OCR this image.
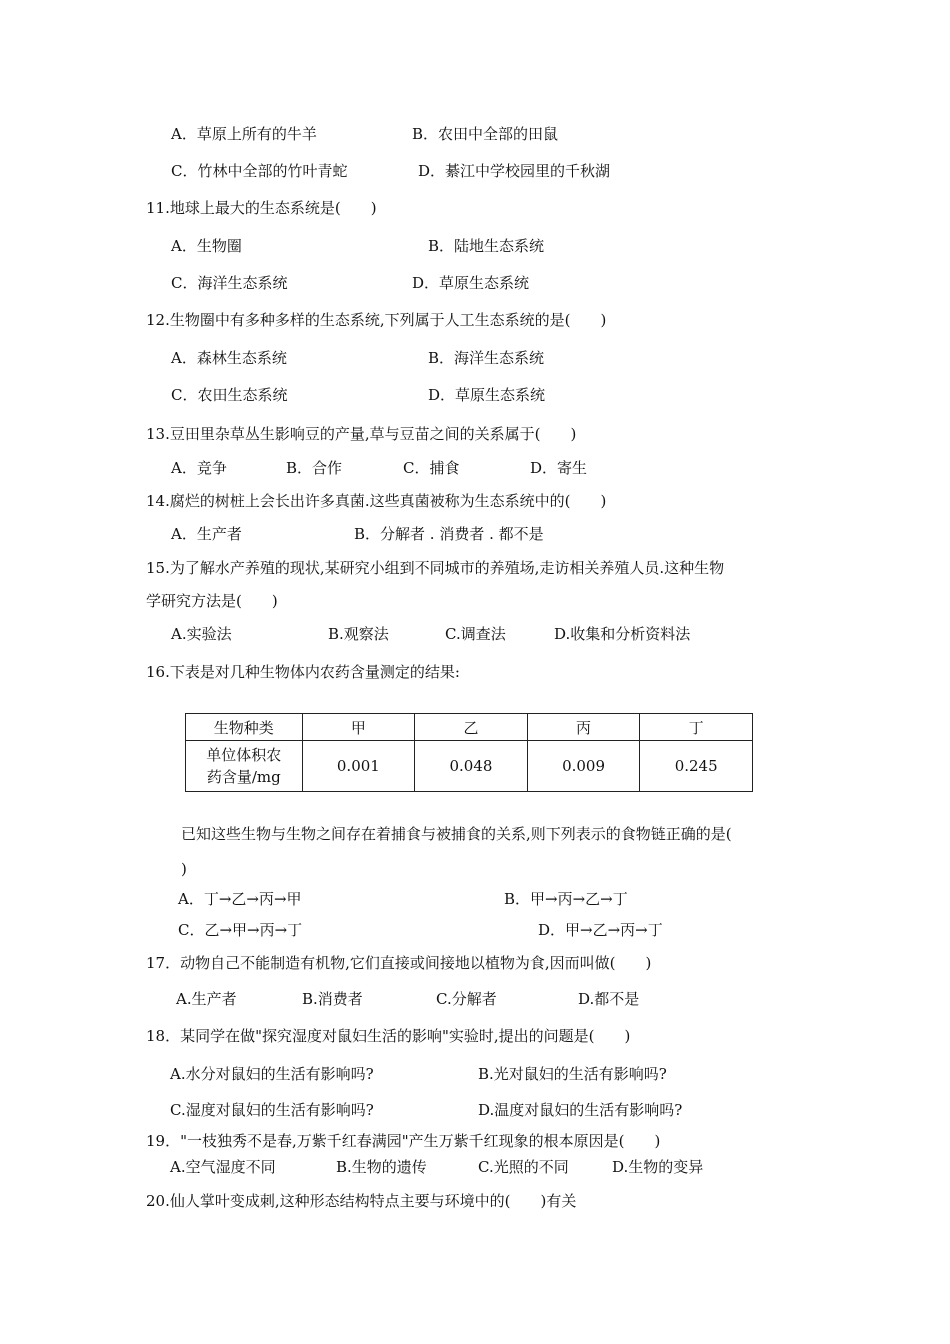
A．草原上所有的牛羊	B．农田中全部的田鼠
C．竹林中全部的竹叶青蛇	D．綦江中学校园里的千秋湖
11.地球上最大的生态系统是(　　)
A．生物圈	B．陆地生态系统
C．海洋生态系统	D．草原生态系统
12.生物圈中有多种多样的生态系统,下列属于人工生态系统的是(　　)
A．森林生态系统	B．海洋生态系统
C．农田生态系统	D．草原生态系统
13.豆田里杂草丛生影响豆的产量,草与豆苗之间的关系属于(　　)
A．竞争	B．合作	C．捕食	D．寄生
14.腐烂的树桩上会长出许多真菌.这些真菌被称为生态系统中的(　　)
A．生产者	B．分解者 . 消费者 . 都不是
15.为了解水产养殖的现状,某研究小组到不同城市的养殖场,走访相关养殖人员.这种生物
学研究方法是(　　)
A.实验法	B.观察法	C.调查法	D.收集和分析资料法
16.下表是对几种生物体内农药含量测定的结果:
生物种类	甲	乙	丙	丁

单位体积农
药含量/mg	0.001	0.048	0.009	0.245
已知这些生物与生物之间存在着捕食与被捕食的关系,则下列表示的食物链正确的是(
)
A．丁→乙→丙→甲	B．甲→丙→乙→丁
C．乙→甲→丙→丁	D．甲→乙→丙→丁
17．动物自己不能制造有机物,它们直接或间接地以植物为食,因而叫做(　　)
A.生产者	B.消费者	C.分解者	D.都不是
18．某同学在做"探究湿度对鼠妇生活的影响"实验时,提出的问题是(　　)
A.水分对鼠妇的生活有影响吗?	B.光对鼠妇的生活有影响吗?
C.湿度对鼠妇的生活有影响吗?	D.温度对鼠妇的生活有影响吗?
19．"一枝独秀不是春,万紫千红春满园"产生万紫千红现象的根本原因是(　　)
A.空气湿度不同	B.生物的遗传	C.光照的不同	D.生物的变异
20.仙人掌叶变成刺,这种形态结构特点主要与环境中的(　　)有关
